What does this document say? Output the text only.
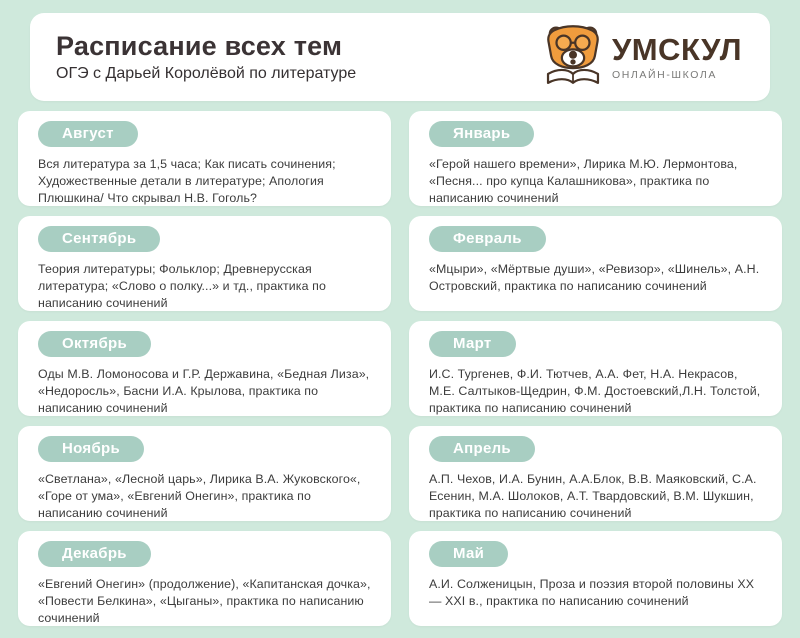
Расписание всех тем

ОГЭ с Дарьей Королёвой по литературе

УМСКУЛ
ОНЛАЙН-ШКОЛА
Август

Вся литература за 1,5 часа; Как писать сочинения; Художественные детали в литературе; Апология Плюшкина/ Что скрывал Н.В. Гоголь?

Сентябрь

Теория литературы; Фольклор; Древнерусская литература; «Слово о полку...» и тд., практика по написанию сочинений

Октябрь

Оды М.В. Ломоносова и Г.Р. Державина, «Бедная Лиза», «Недоросль», Басни И.А. Крылова, практика по написанию сочинений

Ноябрь

«Светлана», «Лесной царь», Лирика В.А. Жуковского«, «Горе от ума», «Евгений Онегин», практика по написанию сочинений

Декабрь

«Евгений Онегин» (продолжение), «Капитанская дочка», «Повести Белкина», «Цыганы», практика по написанию сочинений

Январь

«Герой нашего времени», Лирика М.Ю. Лермонтова, «Песня... про купца Калашникова», практика по написанию сочинений

Февраль

«Мцыри», «Мёртвые души», «Ревизор», «Шинель», А.Н. Островский, практика по написанию сочинений

Март

И.С. Тургенев, Ф.И. Тютчев, А.А. Фет, Н.А. Некрасов, М.Е. Салтыков-Щедрин, Ф.М. Достоевский,Л.Н. Толстой, практика по написанию сочинений

Апрель

А.П. Чехов, И.А. Бунин, А.А.Блок, В.В. Маяковский, С.А. Есенин, М.А. Шолоков, А.Т. Твардовский, В.М. Шукшин, практика по написанию сочинений

Май

А.И. Солженицын, Проза и поэзия второй половины XX — XXI в., практика по написанию сочинений
